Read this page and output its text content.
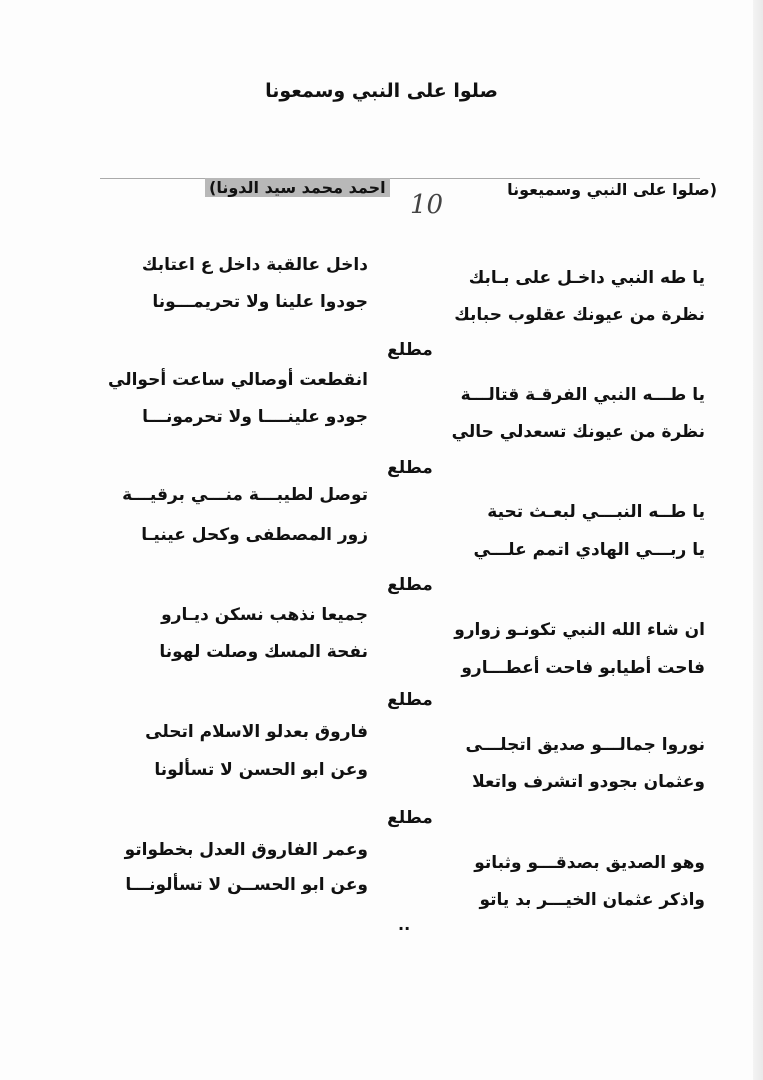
صلوا على النبي وسمعونا
(صلوا على النبي وسميعونا
احمد محمد سيد الدونا)
10
يا طه النبي داخـل على بـابك
نظرة من عيونك عقلوب حبابك
داخل عالقبة داخل ع اعتابك
جودوا علينا ولا تحريمـــونا
مطلع
يا طـــه النبي الفرقـة قتالـــة
نظرة من عيونك تسعدلي حالي
انقطعت أوصالي ساعت أحوالي
جودو علينــــا ولا تحرمونـــا
مطلع
يا طــه النبـــي لبعـث تحية
يا ربـــي الهادي اتمم علـــي
توصل لطيبـــة منـــي برقيـــة
زور المصطفى وكحل عينيـا
مطلع
ان شاء الله النبي تكونـو زوارو
فاحت أطيابو فاحت أعطـــارو
جميعا نذهب نسكن ديـارو
نفحة المسك وصلت لهونا
مطلع
نوروا جمالـــو صديق اتجلـــى
وعثمان بجودو اتشرف واتعلا
فاروق بعدلو الاسلام اتحلى
وعن ابو الحسن لا تسألونا
مطلع
وهو الصديق بصدقـــو وثباتو
واذكر عثمان الخيـــر بد ياتو
وعمر الفاروق العدل بخطواتو
وعن ابو الحســن لا تسألونـــا
..
